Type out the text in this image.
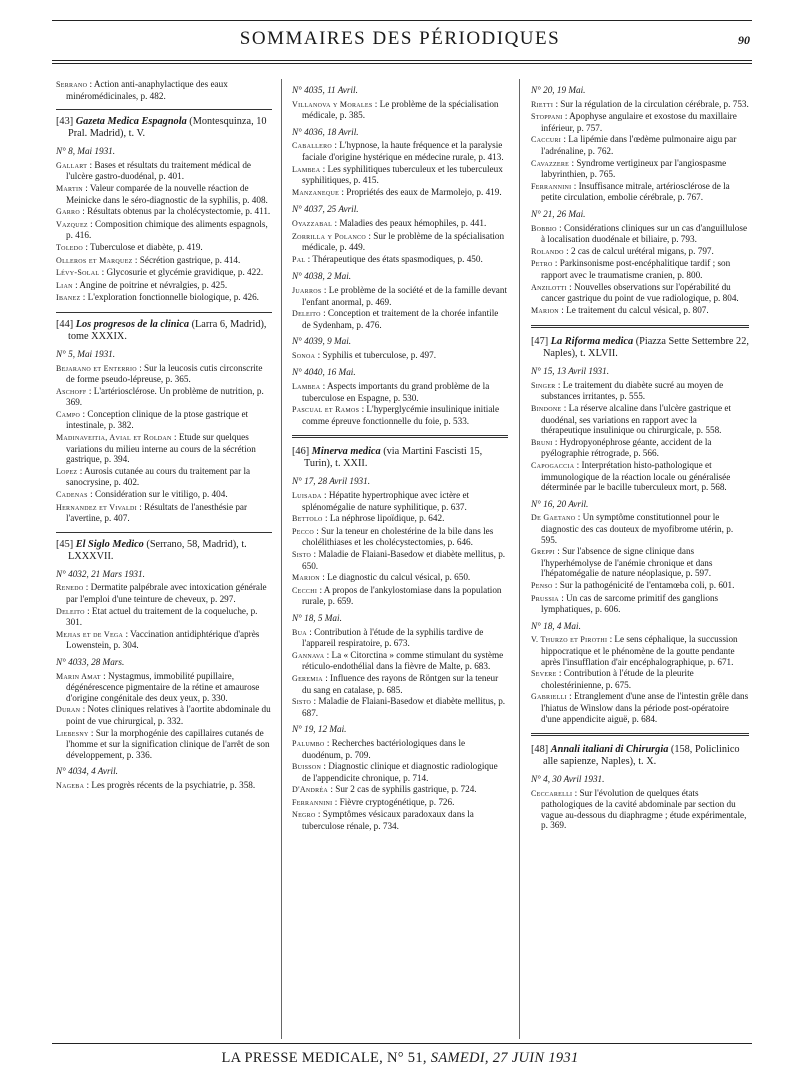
SOMMAIRES DES PÉRIODIQUES	90
Serrano : Action anti-anaphylactique des eaux minéromédicinales, p. 482.
[43] Gazeta Medica Espagnola (Montesquinza, 10 Pral. Madrid), t. V.
N° 8, Mai 1931.
Gallart : Bases et résultats du traitement médical de l'ulcère gastro-duodénal, p. 401.
Martin : Valeur comparée de la nouvelle réaction de Meinicke dans le séro-diagnostic de la syphilis, p. 408.
Garro : Résultats obtenus par la cholécystectomie, p. 411.
Vazquez : Composition chimique des aliments espagnols, p. 416.
Toledo : Tuberculose et diabète, p. 419.
Olleros et Marquez : Sécrétion gastrique, p. 414.
Lévy-Solal : Glycosurie et glycémie gravidique, p. 422.
Lian : Angine de poitrine et névralgies, p. 425.
Ibanez : L'exploration fonctionnelle biologique, p. 426.
[44] Los progresos de la clinica (Larra 6, Madrid), tome XXXIX.
N° 5, Mai 1931.
Bejarano et Enterrio : Sur la leucosis cutis circonscrite de forme pseudo-lépreuse, p. 365.
Aschoff : L'artériosclérose. Un problème de nutrition, p. 369.
Campo : Conception clinique de la ptose gastrique et intestinale, p. 382.
Madinaveitia, Avial et Roldan : Etude sur quelques variations du milieu interne au cours de la sécrétion gastrique, p. 394.
Lopez : Aurosis cutanée au cours du traitement par la sanocrysine, p. 402.
Cadenas : Considération sur le vitiligo, p. 404.
Hernandez et Vivaldi : Résultats de l'anesthésie par l'avertine, p. 407.
[45] El Siglo Medico (Serrano, 58, Madrid), t. LXXXVII.
N° 4032, 21 Mars 1931.
Renedo : Dermatite palpébrale avec intoxication générale par l'emploi d'une teinture de cheveux, p. 297.
Deleito : Etat actuel du traitement de la coqueluche, p. 301.
Mejias et de Vega : Vaccination antidiphtérique d'après Lowenstein, p. 304.
N° 4033, 28 Mars.
Marin Amat : Nystagmus, immobilité pupillaire, dégénérescence pigmentaire de la rétine et amaurose d'origine congénitale des deux yeux, p. 330.
Duran : Notes cliniques relatives à l'aortite abdominale du point de vue chirurgical, p. 332.
Liebesny : Sur la morphogénie des capillaires cutanés de l'homme et sur la signification clinique de l'arrêt de son développement, p. 336.
N° 4034, 4 Avril.
Nageba : Les progrès récents de la psychiatrie, p. 358.
N° 4035, 11 Avril.
Villanova y Morales : Le problème de la spécialisation médicale, p. 385.
N° 4036, 18 Avril.
Caballero : L'hypnose, la haute fréquence et la paralysie faciale d'origine hystérique en médecine rurale, p. 413.
Lambea : Les syphilitiques tuberculeux et les tuberculeux syphilitiques, p. 415.
Manzaneque : Propriétés des eaux de Marmolejo, p. 419.
N° 4037, 25 Avril.
Oyazzabal : Maladies des peaux hémophiles, p. 441.
Zorrilla y Polanco : Sur le problème de la spécialisation médicale, p. 449.
Pal : Thérapeutique des états spasmodiques, p. 450.
N° 4038, 2 Mai.
Juarros : Le problème de la société et de la famille devant l'enfant anormal, p. 469.
Deleito : Conception et traitement de la chorée infantile de Sydenham, p. 476.
N° 4039, 9 Mai.
Sonoa : Syphilis et tuberculose, p. 497.
N° 4040, 16 Mai.
Lambea : Aspects importants du grand problème de la tuberculose en Espagne, p. 530.
Pascual et Ramos : L'hyperglycémie insulinique initiale comme épreuve fonctionnelle du foie, p. 533.
[46] Minerva medica (via Martini Fascisti 15, Turin), t. XXII.
N° 17, 28 Avril 1931.
Luisada : Hépatite hypertrophique avec ictère et splénomégalie de nature syphilitique, p. 637.
Bettolo : La néphrose lipoïdique, p. 642.
Pecco : Sur la teneur en cholestérine de la bile dans les cholélithiases et les cholécystectomies, p. 646.
Sisto : Maladie de Flaiani-Basedow et diabète mellitus, p. 650.
Marion : Le diagnostic du calcul vésical, p. 650.
Cecchi : A propos de l'ankylostomiase dans la population rurale, p. 659.
N° 18, 5 Mai.
Bua : Contribution à l'étude de la syphilis tardive de l'appareil respiratoire, p. 673.
Gannava : La « Citorctina » comme stimulant du système réticulo-endothélial dans la fièvre de Malte, p. 683.
Geremia : Influence des rayons de Röntgen sur la teneur du sang en catalase, p. 685.
Sisto : Maladie de Flaiani-Basedow et diabète mellitus, p. 687.
N° 19, 12 Mai.
Palumbo : Recherches bactériologiques dans le duodénum, p. 709.
Buisson : Diagnostic clinique et diagnostic radiologique de l'appendicite chronique, p. 714.
D'Andréa : Sur 2 cas de syphilis gastrique, p. 724.
Ferrannini : Fièvre cryptogénétique, p. 726.
Negro : Symptômes vésicaux paradoxaux dans la tuberculose rénale, p. 734.
N° 20, 19 Mai.
Rietti : Sur la régulation de la circulation cérébrale, p. 753.
Stoppani : Apophyse angulaire et exostose du maxillaire inférieur, p. 757.
Caccuri : La lipémie dans l'œdème pulmonaire aigu par l'adrénaline, p. 762.
Cavazzere : Syndrome vertigineux par l'angiospasme labyrinthien, p. 765.
Ferrannini : Insuffisance mitrale, artériosclérose de la petite circulation, embolie cérébrale, p. 767.
N° 21, 26 Mai.
Bobbio : Considérations cliniques sur un cas d'anguillulose à localisation duodénale et biliaire, p. 793.
Rolando : 2 cas de calcul urétéral migans, p. 797.
Petro : Parkinsonisme post-encéphalitique tardif ; son rapport avec le traumatisme cranien, p. 800.
Anzilotti : Nouvelles observations sur l'opérabilité du cancer gastrique du point de vue radiologique, p. 804.
Marion : Le traitement du calcul vésical, p. 807.
[47] La Riforma medica (Piazza Sette Settembre 22, Naples), t. XLVII.
N° 15, 13 Avril 1931.
Singer : Le traitement du diabète sucré au moyen de substances irritantes, p. 555.
Bindone : La réserve alcaline dans l'ulcère gastrique et duodénal, ses variations en rapport avec la thérapeutique insulinique ou chirurgicale, p. 558.
Bruni : Hydropyonéphrose géante, accident de la pyélographie rétrograde, p. 566.
Capogaccia : Interprétation histo-pathologique et immunologique de la réaction locale ou généralisée déterminée par le bacille tuberculeux mort, p. 568.
N° 16, 20 Avril.
De Gaetano : Un symptôme constitutionnel pour le diagnostic des cas douteux de myofibrome utérin, p. 595.
Greppi : Sur l'absence de signe clinique dans l'hyperhémolyse de l'anémie chronique et dans l'hépatomégalie de nature néoplasique, p. 597.
Penso : Sur la pathogénicité de l'entamœba coli, p. 601.
Prussia : Un cas de sarcome primitif des ganglions lymphatiques, p. 606.
N° 18, 4 Mai.
V. Thurzo et Pirothi : Le sens céphalique, la succussion hippocratique et le phénomène de la goutte pendante après l'insufflation d'air encéphalographique, p. 671.
Severe : Contribution à l'étude de la pleurite cholestérinienne, p. 675.
Gabrielli : Etranglement d'une anse de l'intestin grêle dans l'hiatus de Winslow dans la période post-opératoire d'une appendicite aiguë, p. 684.
[48] Annali italiani di Chirurgia (158, Policlinico alle sapienze, Naples), t. X.
N° 4, 30 Avril 1931.
Ceccarelli : Sur l'évolution de quelques états pathologiques de la cavité abdominale par section du vague au-dessous du diaphragme ; étude expérimentale, p. 369.
LA PRESSE MEDICALE, N° 51, SAMEDI, 27 JUIN 1931
